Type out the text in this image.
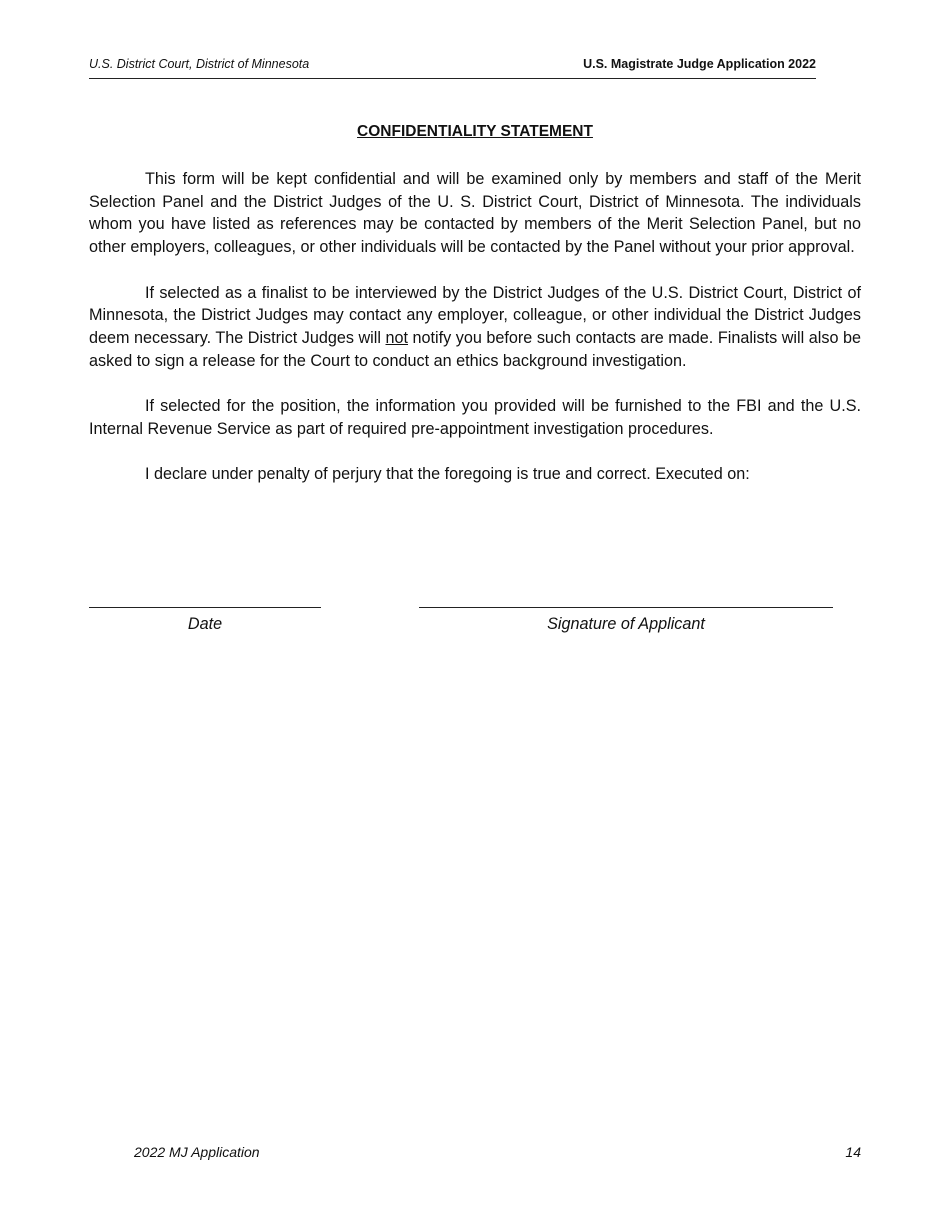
U.S. District Court, District of Minnesota	U.S. Magistrate Judge Application 2022
CONFIDENTIALITY STATEMENT

This form will be kept confidential and will be examined only by members and staff of the Merit Selection Panel and the District Judges of the U. S. District Court, District of Minnesota. The individuals whom you have listed as references may be contacted by members of the Merit Selection Panel, but no other employers, colleagues, or other individuals will be contacted by the Panel without your prior approval.

If selected as a finalist to be interviewed by the District Judges of the U.S. District Court, District of Minnesota, the District Judges may contact any employer, colleague, or other individual the District Judges deem necessary. The District Judges will not notify you before such contacts are made. Finalists will also be asked to sign a release for the Court to conduct an ethics background investigation.

If selected for the position, the information you provided will be furnished to the FBI and the U.S. Internal Revenue Service as part of required pre-appointment investigation procedures.

I declare under penalty of perjury that the foregoing is true and correct. Executed on:

Date	Signature of Applicant
2022 MJ Application	14
